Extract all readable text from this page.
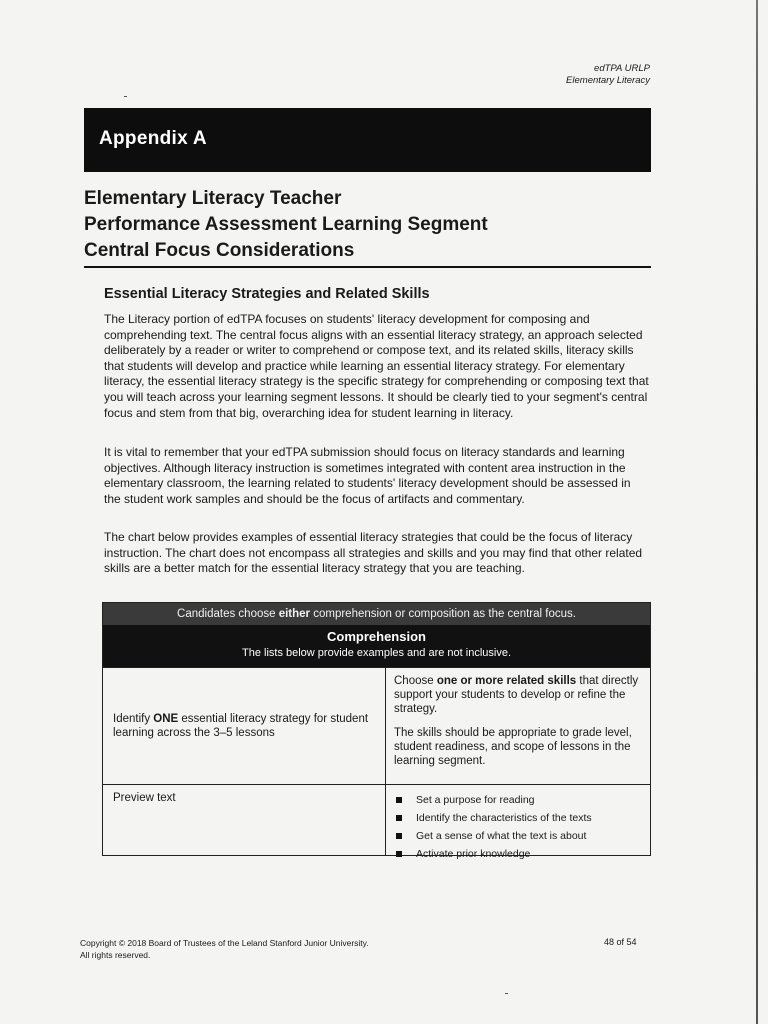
edTPA URLP
Elementary Literacy
Appendix A
Elementary Literacy Teacher
Performance Assessment Learning Segment
Central Focus Considerations
Essential Literacy Strategies and Related Skills

The Literacy portion of edTPA focuses on students' literacy development for composing and comprehending text. The central focus aligns with an essential literacy strategy, an approach selected deliberately by a reader or writer to comprehend or compose text, and its related skills, literacy skills that students will develop and practice while learning an essential literacy strategy. For elementary literacy, the essential literacy strategy is the specific strategy for comprehending or composing text that you will teach across your learning segment lessons. It should be clearly tied to your segment's central focus and stem from that big, overarching idea for student learning in literacy.

It is vital to remember that your edTPA submission should focus on literacy standards and learning objectives. Although literacy instruction is sometimes integrated with content area instruction in the elementary classroom, the learning related to students' literacy development should be assessed in the student work samples and should be the focus of artifacts and commentary.

The chart below provides examples of essential literacy strategies that could be the focus of literacy instruction. The chart does not encompass all strategies and skills and you may find that other related skills are a better match for the essential literacy strategy that you are teaching.

Candidates choose either comprehension or composition as the central focus.
Comprehension
The lists below provide examples and are not inclusive.
Identify ONE essential literacy strategy for student learning across the 3–5 lessons

Choose one or more related skills that directly support your students to develop or refine the strategy.

The skills should be appropriate to grade level, student readiness, and scope of lessons in the learning segment.

Preview text	Set a purpose for reading
Identify the characteristics of the texts
Get a sense of what the text is about
Activate prior knowledge
Copyright © 2018 Board of Trustees of the Leland Stanford Junior University.
All rights reserved.
48 of 54
